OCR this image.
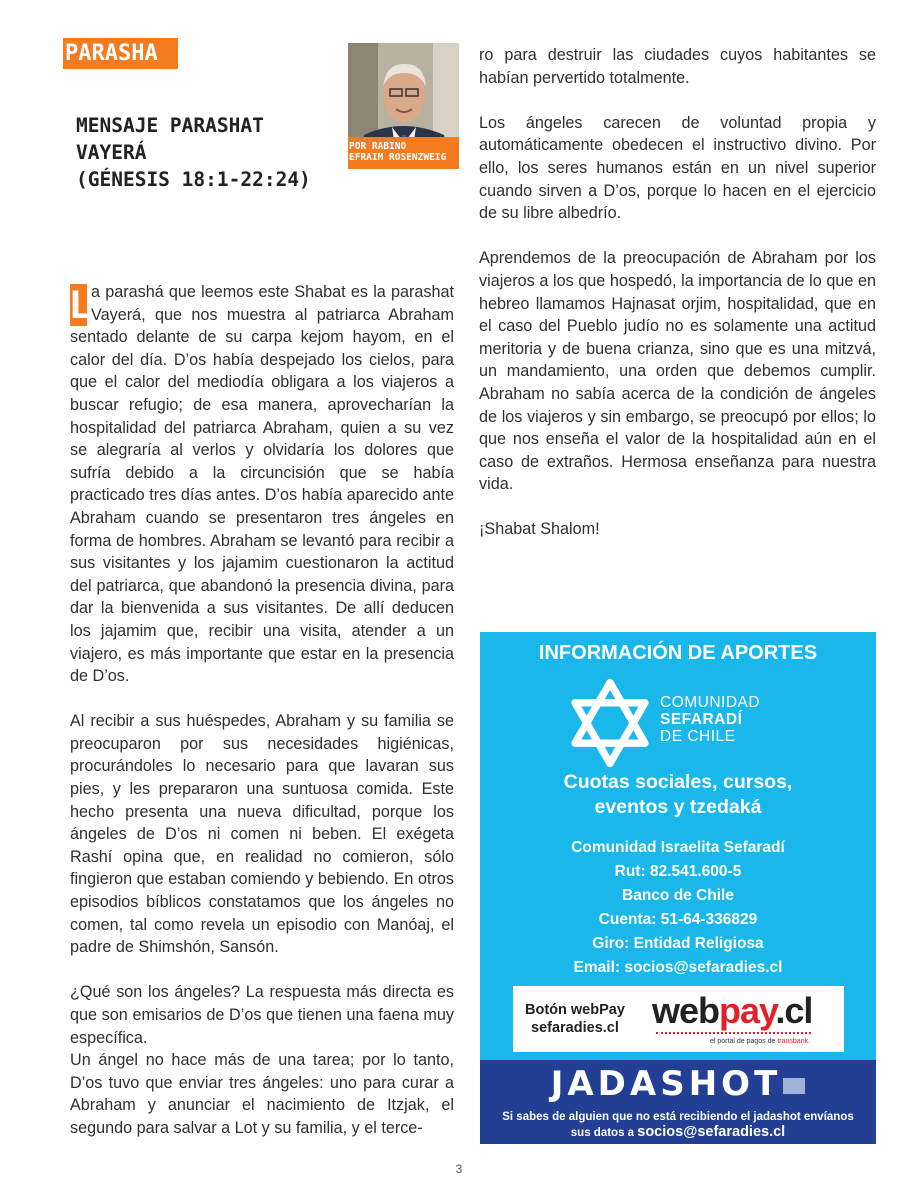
PARASHA
MENSAJE PARASHAT
VAYERÁ
(GÉNESIS 18:1-22:24)
POR RABINO
EFRAIM ROSENZWEIG

L
a parashá que leemos este Shabat es la parashat Vayerá, que nos muestra al patriarca Abraham sentado delante de su carpa kejom hayom, en el calor del día. D’os había despejado los cielos, para que el calor del mediodía obligara a los viajeros a buscar refugio; de esa manera, aprovecharían la hospitalidad del patriarca Abraham, quien a su vez se alegraría al verlos y olvidaría los dolores que sufría debido a la circuncisión que se había practicado tres días antes. D’os había aparecido ante Abraham cuando se presentaron tres ángeles en forma de hombres. Abraham se levantó para recibir a sus visitantes y los jajamim cuestionaron la actitud del patriarca, que abandonó la presencia divina, para dar la bienvenida a sus visitantes. De allí deducen los jajamim que, recibir una visita, atender a un viajero, es más importante que estar en la presencia de D’os.

Al recibir a sus huéspedes, Abraham y su familia se preocuparon por sus necesidades higiénicas, procurándoles lo necesario para que lavaran sus pies, y les prepararon una suntuosa comida. Este hecho presenta una nueva dificultad, porque los ángeles de D’os ni comen ni beben. El exégeta Rashí opina que, en realidad no comieron, sólo fingieron que estaban comiendo y bebiendo. En otros episodios bíblicos constatamos que los ángeles no comen, tal como revela un episodio con Manóaj, el padre de Shimshón, Sansón.

¿Qué son los ángeles? La respuesta más directa es que son emisarios de D’os que tienen una faena muy específica.

Un ángel no hace más de una tarea; por lo tanto, D’os tuvo que enviar tres ángeles: uno para curar a Abraham y anunciar el nacimiento de Itzjak, el segundo para salvar a Lot y su familia, y el terce-

ro para destruir las ciudades cuyos habitantes se habían pervertido totalmente.

Los ángeles carecen de voluntad propia y automáticamente obedecen el instructivo divino. Por ello, los seres humanos están en un nivel superior cuando sirven a D’os, porque lo hacen en el ejercicio de su libre albedrío.

Aprendemos de la preocupación de Abraham por los viajeros a los que hospedó, la importancia de lo que en hebreo llamamos Hajnasat orjim, hospitalidad, que en el caso del Pueblo judío no es solamente una actitud meritoria y de buena crianza, sino que es una mitzvá, un mandamiento, una orden que debemos cumplir. Abraham no sabía acerca de la condición de ángeles de los viajeros y sin embargo, se preocupó por ellos; lo que nos enseña el valor de la hospitalidad aún en el caso de extraños. Hermosa enseñanza para nuestra vida.

¡Shabat Shalom!

INFORMACIÓN DE APORTES
COMUNIDAD
SEFARADÍ
DE CHILE
Cuotas sociales, cursos,
eventos y tzedaká
Comunidad Israelita Sefaradí
Rut: 82.541.600-5
Banco de Chile
Cuenta: 51-64-336829
Giro: Entidad Religiosa
Email: socios@sefaradies.cl
Botón webPay
sefaradies.cl webpay.cl
el portal de pagos de transbank.
JADASHOT
Si sabes de alguien que no está recibiendo el jadashot envíanos
sus datos a socios@sefaradies.cl
3
